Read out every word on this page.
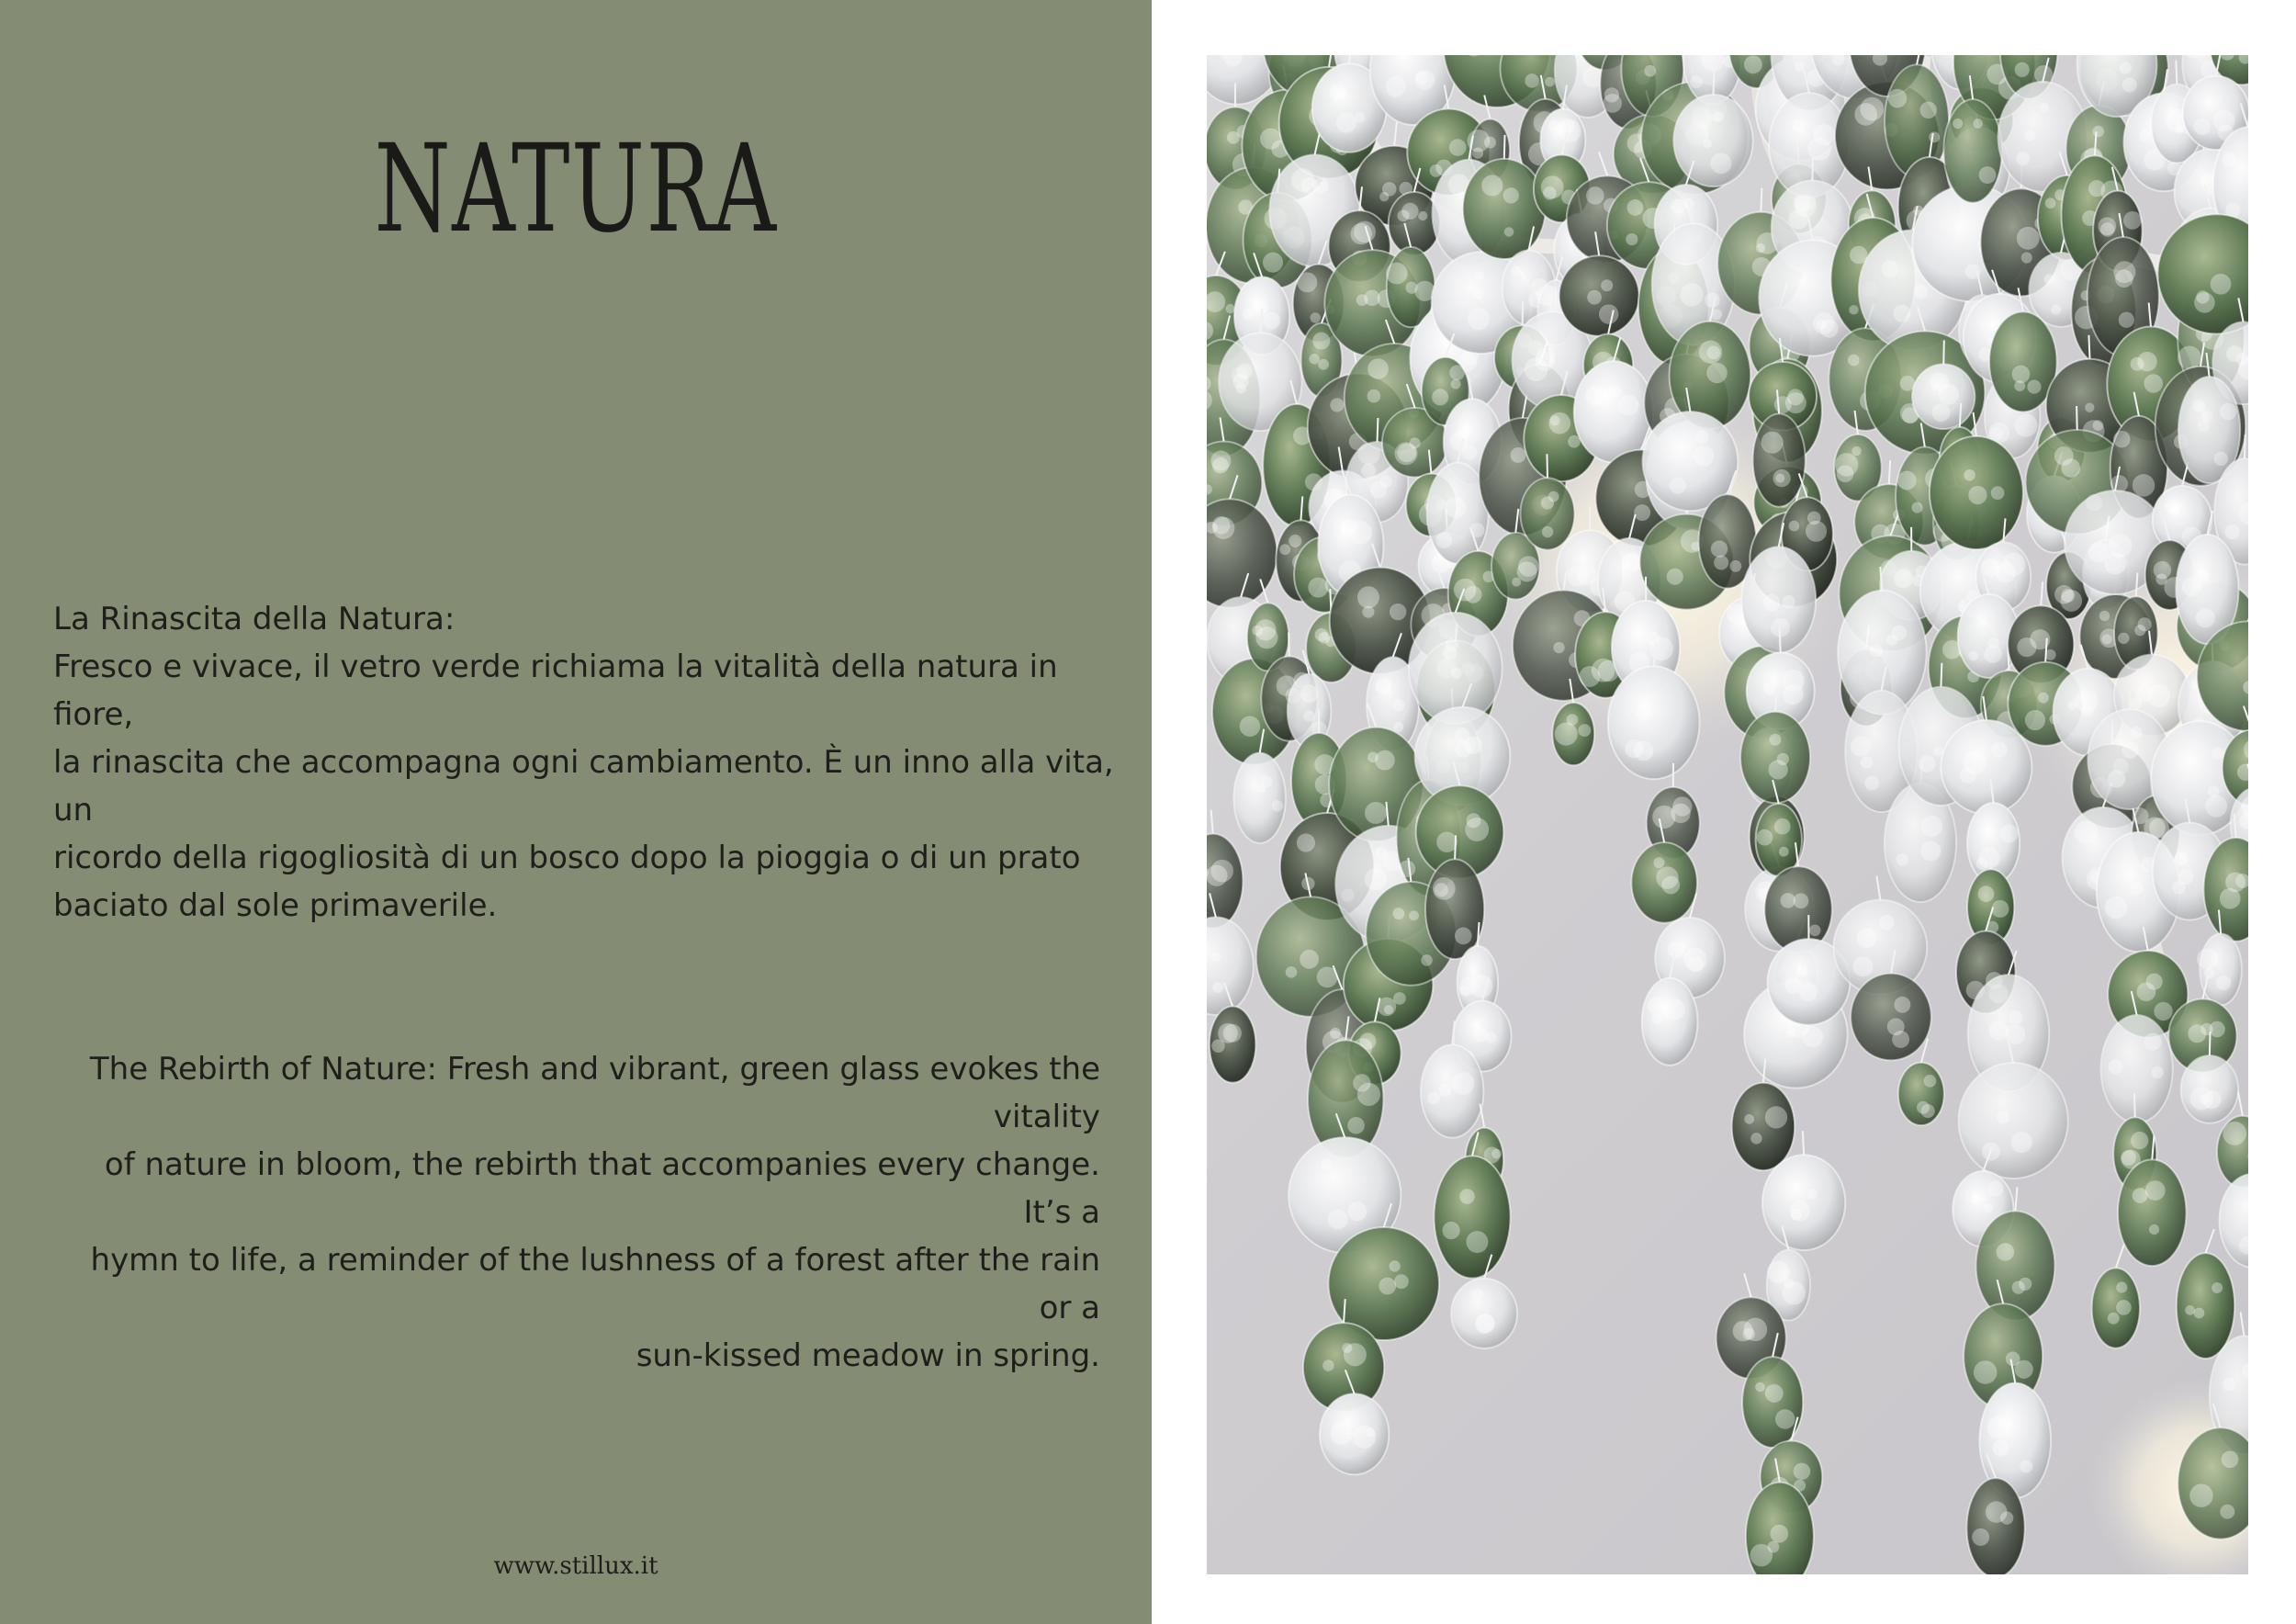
NATURA

La Rinascita della Natura:

Fresco e vivace, il vetro verde richiama la vitalità della natura in fiore,

la rinascita che accompagna ogni cambiamento. È un inno alla vita, un

ricordo della rigogliosità di un bosco dopo la pioggia o di un prato

baciato dal sole primaverile.

The Rebirth of Nature: Fresh and vibrant, green glass evokes the vitality
of nature in bloom, the rebirth that accompanies every change. It’s a
hymn to life, a reminder of the lushness of a forest after the rain or a
sun-kissed meadow in spring.
www.stillux.it
